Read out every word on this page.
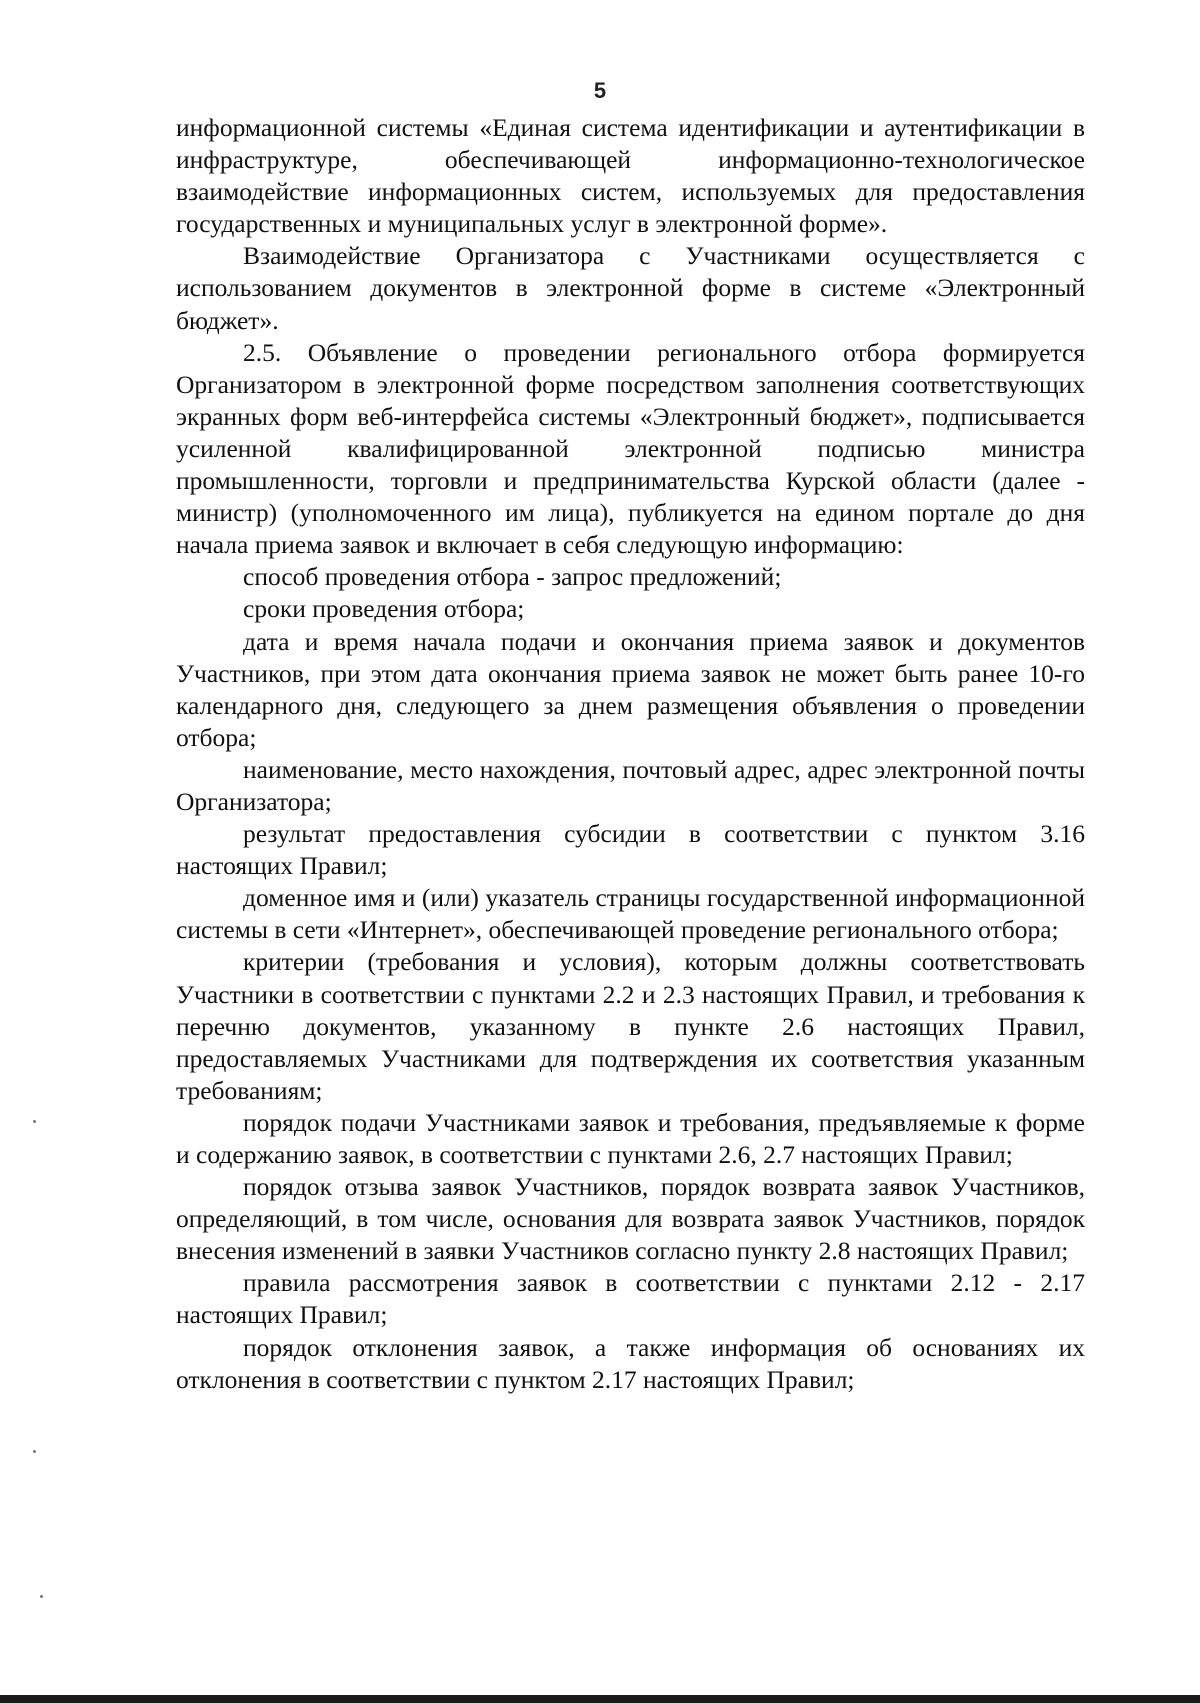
5

информационной системы «Единая система идентификации и аутентификации в инфраструктуре, обеспечивающей информационно-технологическое взаимодействие информационных систем, используемых для предоставления государственных и муниципальных услуг в электронной форме».

Взаимодействие Организатора с Участниками осуществляется с использованием документов в электронной форме в системе «Электронный бюджет».

2.5. Объявление о проведении регионального отбора формируется Организатором в электронной форме посредством заполнения соответствующих экранных форм веб-интерфейса системы «Электронный бюджет», подписывается усиленной квалифицированной электронной подписью министра промышленности, торговли и предпринимательства Курской области (далее - министр) (уполномоченного им лица), публикуется на едином портале до дня начала приема заявок и включает в себя следующую информацию:

способ проведения отбора - запрос предложений;

сроки проведения отбора;

дата и время начала подачи и окончания приема заявок и документов Участников, при этом дата окончания приема заявок не может быть ранее 10-го календарного дня, следующего за днем размещения объявления о проведении отбора;

наименование, место нахождения, почтовый адрес, адрес электронной почты Организатора;

результат предоставления субсидии в соответствии с пунктом 3.16 настоящих Правил;

доменное имя и (или) указатель страницы государственной информационной системы в сети «Интернет», обеспечивающей проведение регионального отбора;

критерии (требования и условия), которым должны соответствовать Участники в соответствии с пунктами 2.2 и 2.3 настоящих Правил, и требования к перечню документов, указанному в пункте 2.6 настоящих Правил, предоставляемых Участниками для подтверждения их соответствия указанным требованиям;

порядок подачи Участниками заявок и требования, предъявляемые к форме и содержанию заявок, в соответствии с пунктами 2.6, 2.7 настоящих Правил;

порядок отзыва заявок Участников, порядок возврата заявок Участников, определяющий, в том числе, основания для возврата заявок Участников, порядок внесения изменений в заявки Участников согласно пункту 2.8 настоящих Правил;

правила рассмотрения заявок в соответствии с пунктами 2.12 - 2.17 настоящих Правил;

порядок отклонения заявок, а также информация об основаниях их отклонения в соответствии с пунктом 2.17 настоящих Правил;
